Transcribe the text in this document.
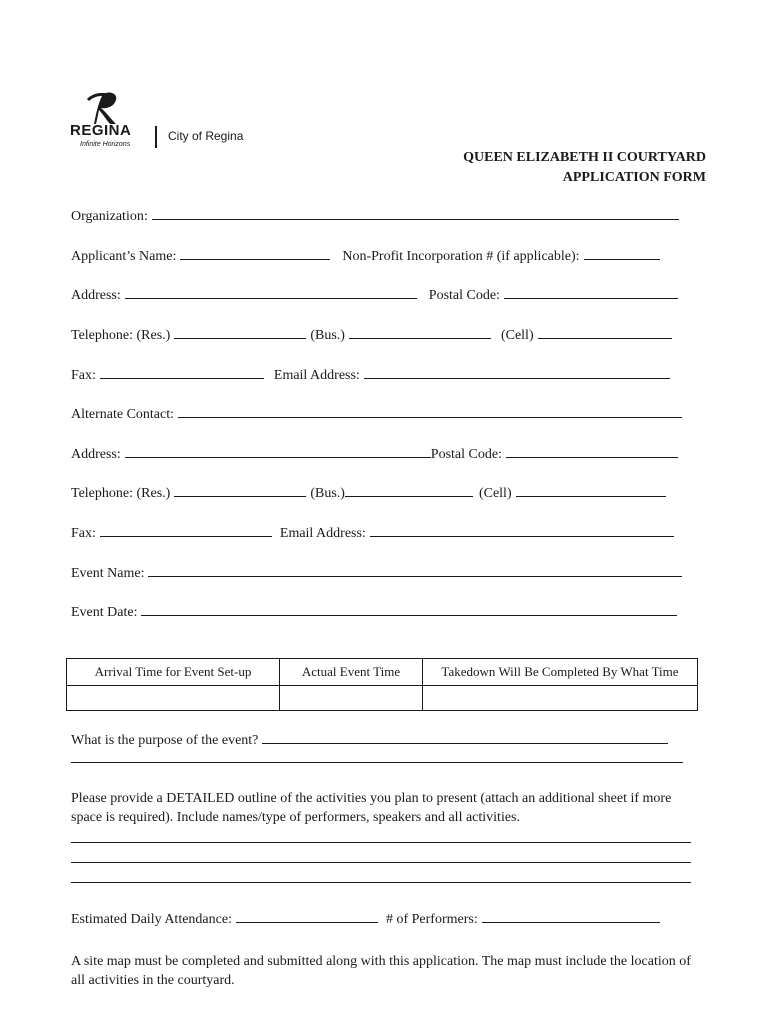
REGINA
Infinite Horizons
City of Regina
QUEEN ELIZABETH II COURTYARD
APPLICATION FORM
Organization:
Applicant’s Name:	Non-Profit Incorporation # (if applicable):
Address:	Postal Code:
Telephone: (Res.)	(Bus.)	(Cell)
Fax:	Email Address:
Alternate Contact:
Address:	Postal Code:
Telephone: (Res.)	(Bus.)	(Cell)
Fax:	Email Address:
Event Name:
Event Date:
Arrival Time for Event Set-up	Actual Event Time	Takedown Will Be Completed By What Time

What is the purpose of the event?
Please provide a DETAILED outline of the activities you plan to present (attach an additional sheet if more space is required). Include names/type of performers, speakers and all activities.
Estimated Daily Attendance:	# of Performers:
A site map must be completed and submitted along with this application. The map must include the location of all activities in the courtyard.
